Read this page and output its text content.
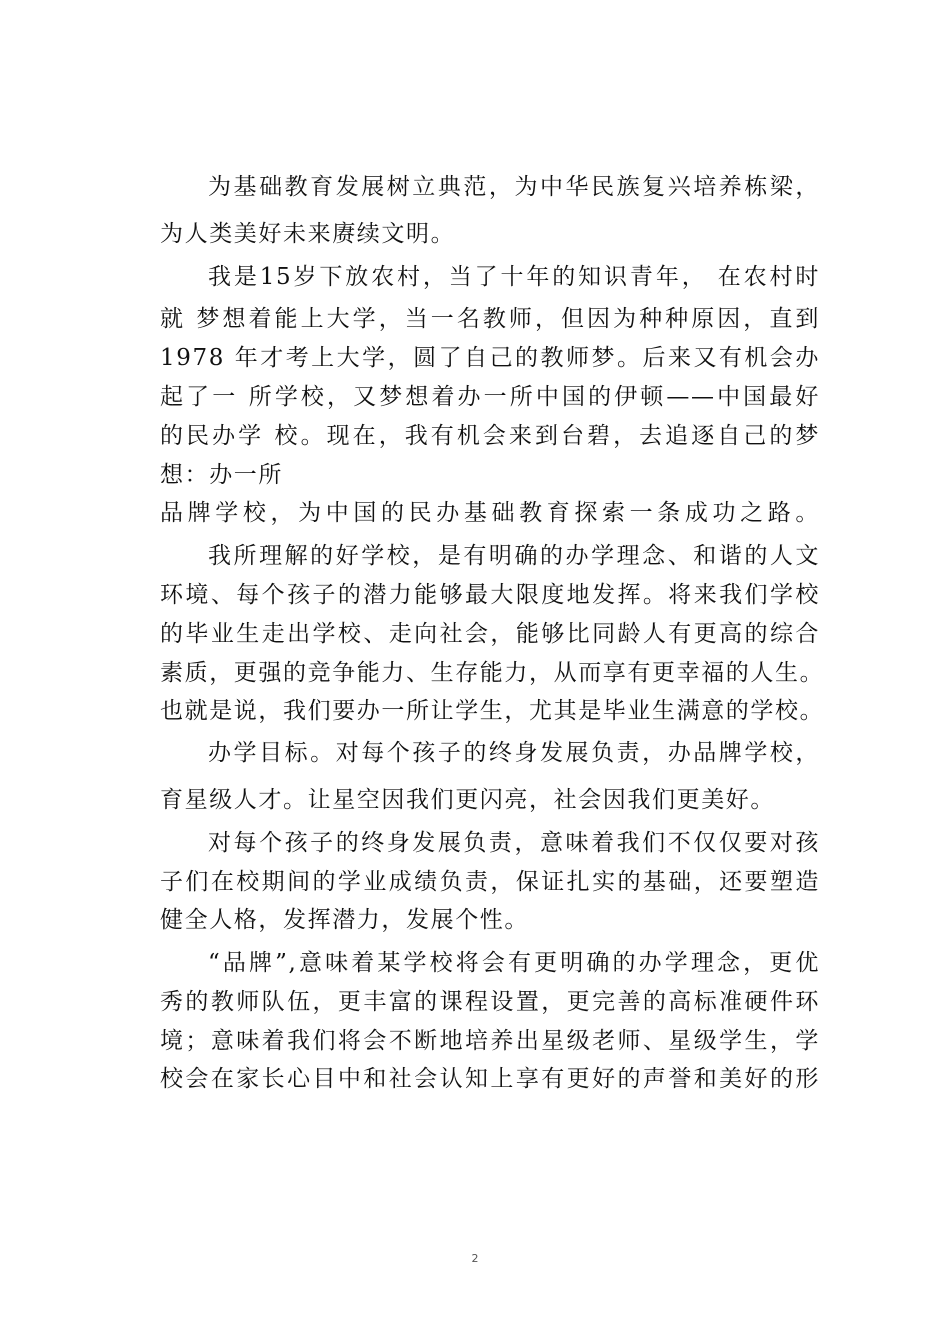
为基础教育发展树立典范，为中华民族复兴培养栋梁，
为人类美好未来赓续文明。
我是15岁下放农村，当了十年的知识青年， 在农村时
就 梦想着能上大学，当一名教师，但因为种种原因，直到
1978 年才考上大学，圆了自己的教师梦。后来又有机会办
起了一 所学校，又梦想着办一所中国的伊顿——中国最好
的民办学 校。现在，我有机会来到台碧，去追逐自己的梦
想：办一所
品牌学校，为中国的民办基础教育探索一条成功之路。
我所理解的好学校，是有明确的办学理念、和谐的人文
环境、每个孩子的潜力能够最大限度地发挥。将来我们学校
的毕业生走出学校、走向社会，能够比同龄人有更高的综合
素质，更强的竞争能力、生存能力，从而享有更幸福的人生。
也就是说，我们要办一所让学生，尤其是毕业生满意的学校。
办学目标。对每个孩子的终身发展负责，办品牌学校，
育星级人才。让星空因我们更闪亮，社会因我们更美好。
对每个孩子的终身发展负责，意味着我们不仅仅要对孩
子们在校期间的学业成绩负责，保证扎实的基础，还要塑造
健全人格，发挥潜力，发展个性。
“品牌”,意味着某学校将会有更明确的办学理念，更优
秀的教师队伍，更丰富的课程设置，更完善的高标准硬件环
境；意味着我们将会不断地培养出星级老师、星级学生，学
校会在家长心目中和社会认知上享有更好的声誉和美好的形
2
